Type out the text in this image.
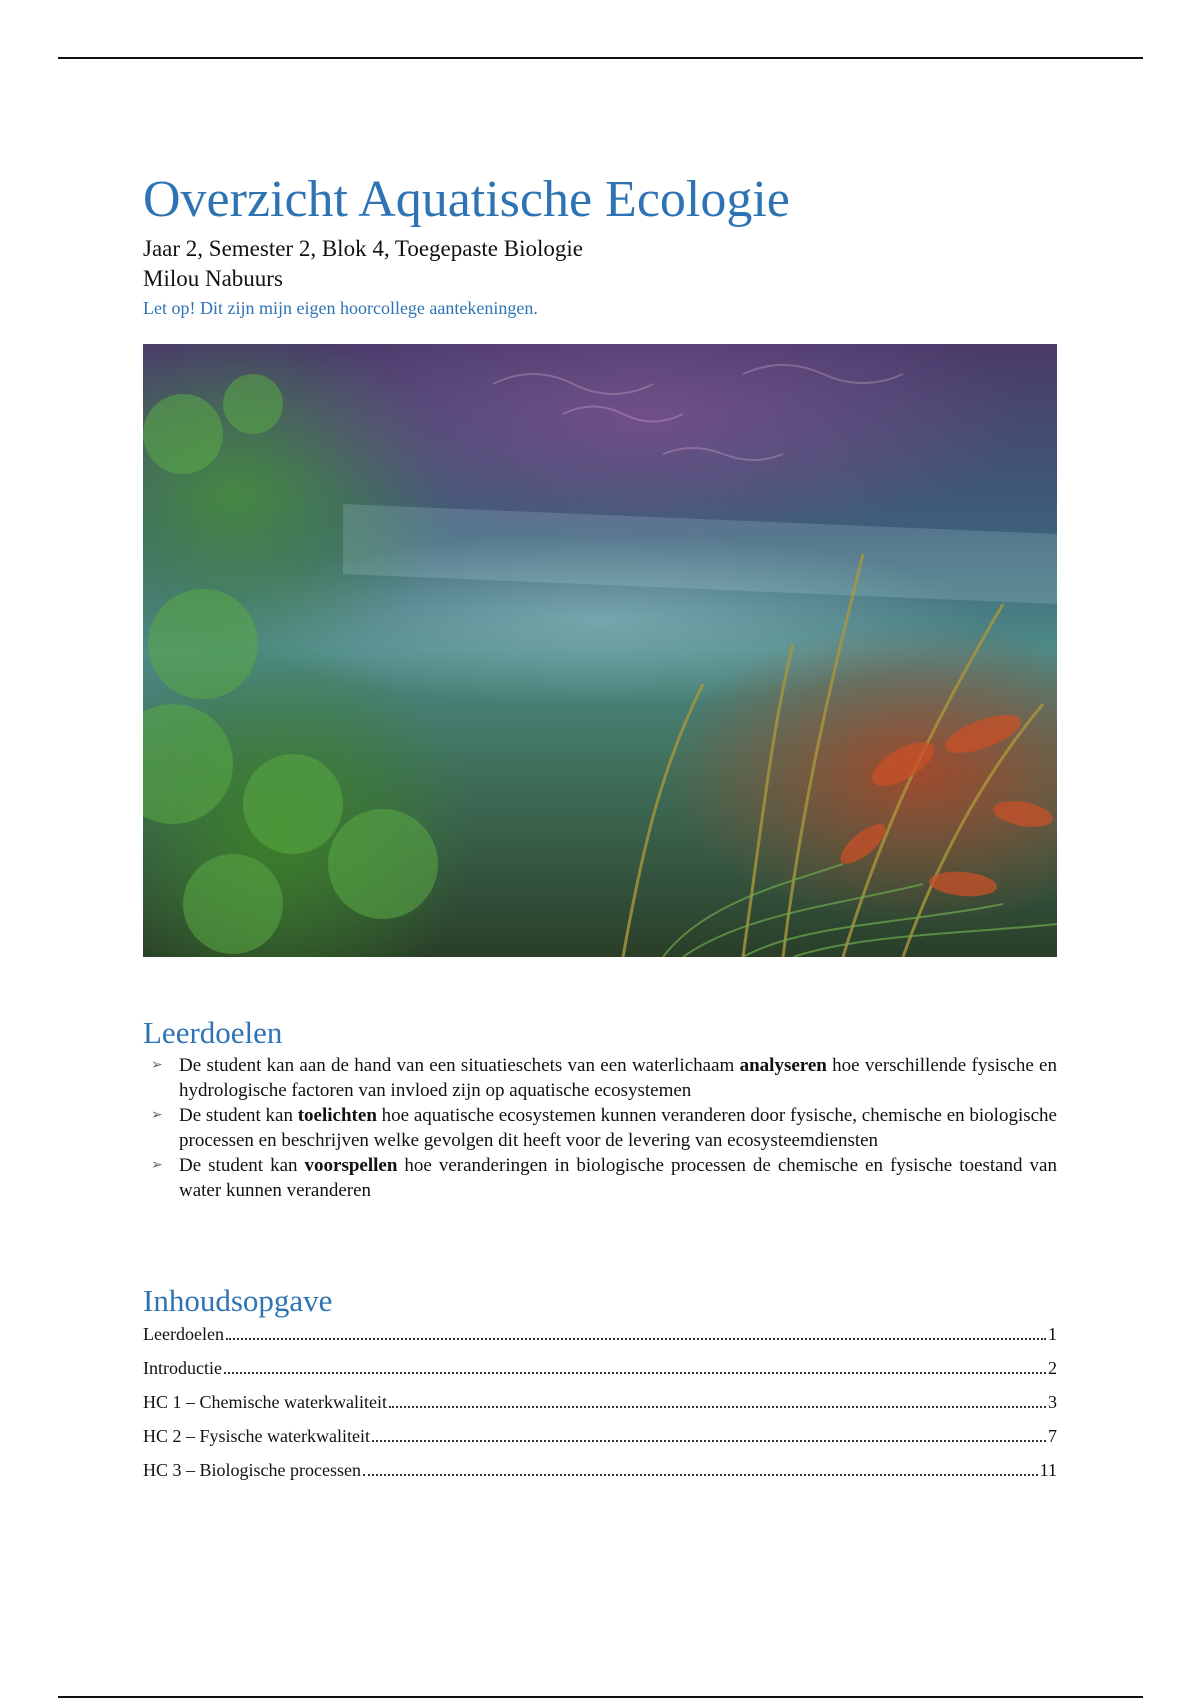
Overzicht Aquatische Ecologie

Jaar 2, Semester 2, Blok 4, Toegepaste Biologie

Milou Nabuurs

Let op! Dit zijn mijn eigen hoorcollege aantekeningen.

Leerdoelen
➢ De student kan aan de hand van een situatieschets van een waterlichaam analyseren hoe verschillende fysische en hydrologische factoren van invloed zijn op aquatische ecosystemen
➢ De student kan toelichten hoe aquatische ecosystemen kunnen veranderen door fysische, chemische en biologische processen en beschrijven welke gevolgen dit heeft voor de levering van ecosysteemdiensten
➢ De student kan voorspellen hoe veranderingen in biologische processen de chemische en fysische toestand van water kunnen veranderen
Inhoudsopgave
Leerdoelen	1
Introductie	2
HC 1 – Chemische waterkwaliteit	3
HC 2 – Fysische waterkwaliteit	7
HC 3 – Biologische processen	11
